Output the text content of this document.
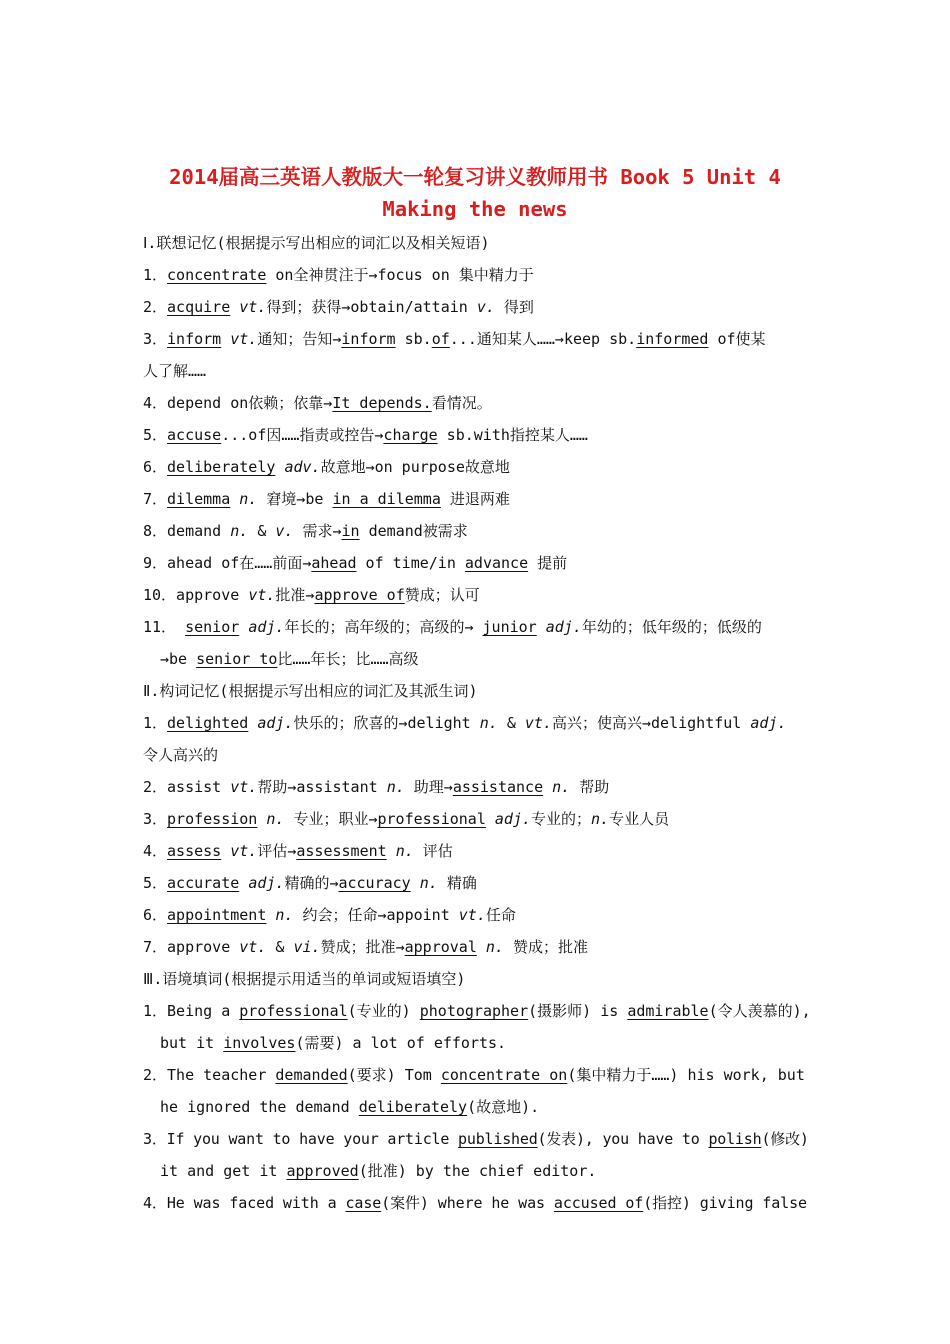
2014届高三英语人教版大一轮复习讲义教师用书 Book 5 Unit 4
Making the news
Ⅰ.联想记忆(根据提示写出相应的词汇以及相关短语)
1．concentrate on全神贯注于→focus on 集中精力于
2．acquire vt.得到；获得→obtain/attain v. 得到
3．inform vt.通知；告知→inform sb.of...通知某人……→keep sb.informed of使某
人了解……
4．depend on依赖；依靠→It depends.看情况。
5．accuse...of因……指责或控告→charge sb.with指控某人……
6．deliberately adv.故意地→on purpose故意地
7．dilemma n. 窘境→be in a dilemma 进退两难
8．demand n. & v. 需求→in demand被需求
9．ahead of在……前面→ahead of time/in advance 提前
10．approve vt.批准→approve of赞成；认可
11． senior adj.年长的；高年级的；高级的→ junior adj.年幼的；低年级的；低级的
→be senior to比……年长；比……高级
Ⅱ.构词记忆(根据提示写出相应的词汇及其派生词)
1．delighted adj.快乐的；欣喜的→delight n. & vt.高兴；使高兴→delightful adj.
令人高兴的
2．assist vt.帮助→assistant n. 助理→assistance n. 帮助
3．profession n. 专业；职业→professional adj.专业的；n.专业人员
4．assess vt.评估→assessment n. 评估
5．accurate adj.精确的→accuracy n. 精确
6．appointment n. 约会；任命→appoint vt.任命
7．approve vt. & vi.赞成；批准→approval n. 赞成；批准
Ⅲ.语境填词(根据提示用适当的单词或短语填空)
1．Being a professional(专业的) photographer(摄影师) is admirable(令人羡慕的),
but it involves(需要) a lot of efforts.
2．The teacher demanded(要求) Tom concentrate on(集中精力于……) his work, but
he ignored the demand deliberately(故意地).
3．If you want to have your article published(发表), you have to polish(修改)
it and get it approved(批准) by the chief editor.
4．He was faced with a case(案件) where he was accused of(指控) giving false
